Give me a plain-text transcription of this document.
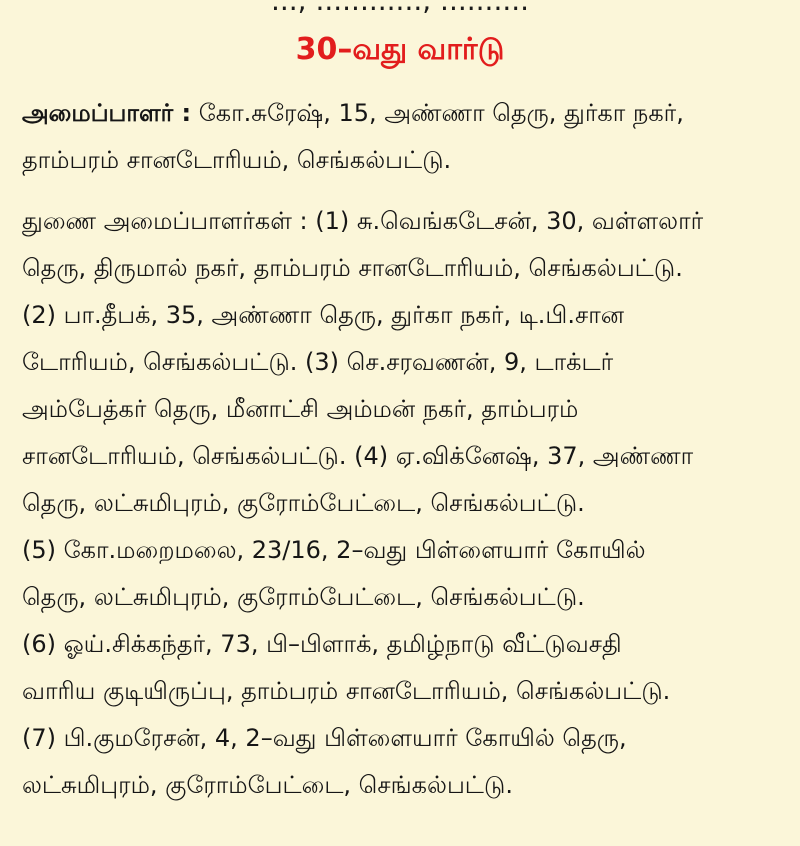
30–வது வார்டு
அமைப்பாளர் : கோ.சுரேஷ், 15, அண்ணா தெரு, துர்கா நகர்,
தாம்பரம் சானடோரியம், செங்கல்பட்டு.
துணை அமைப்பாளர்கள் : (1) சு.வெங்கடேசன், 30, வள்ளலார்
தெரு, திருமால் நகர், தாம்பரம் சானடோரியம், செங்கல்பட்டு.
(2) பா.தீபக், 35, அண்ணா தெரு, துர்கா நகர், டி.பி.சான
டோரியம், செங்கல்பட்டு. (3) செ.சரவணன், 9, டாக்டர்
அம்பேத்கர் தெரு, மீனாட்சி அம்மன் நகர், தாம்பரம்
சானடோரியம், செங்கல்பட்டு. (4) ஏ.விக்னேஷ், 37, அண்ணா
தெரு, லட்சுமிபுரம், குரோம்பேட்டை, செங்கல்பட்டு.
(5) கோ.மறைமலை, 23/16, 2–வது பிள்ளையார் கோயில்
தெரு, லட்சுமிபுரம், குரோம்பேட்டை, செங்கல்பட்டு.
(6) ஓய்.சிக்கந்தர், 73, பி–பிளாக், தமிழ்நாடு வீட்டுவசதி
வாரிய குடியிருப்பு, தாம்பரம் சானடோரியம், செங்கல்பட்டு.
(7) பி.குமரேசன், 4, 2–வது பிள்ளையார் கோயில் தெரு,
லட்சுமிபுரம், குரோம்பேட்டை, செங்கல்பட்டு.
